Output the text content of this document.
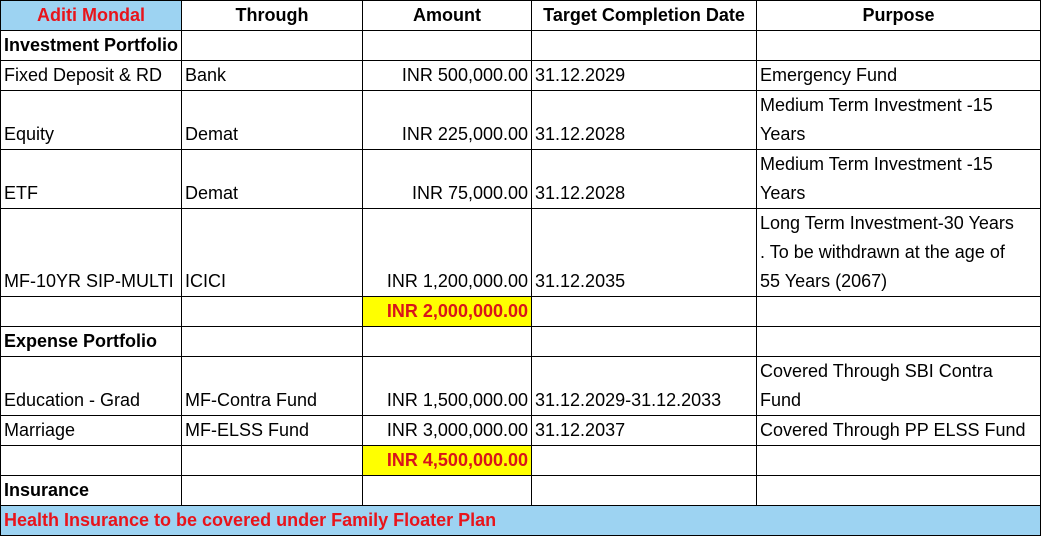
Aditi Mondal	Through	Amount	Target Completion Date	Purpose
Investment Portfolio				
Fixed Deposit & RD	Bank	INR 500,000.00	31.12.2029	Emergency Fund
Equity	Demat	INR 225,000.00	31.12.2028	Medium Term Investment -15
Years

ETF	Demat	INR 75,000.00	31.12.2028	Medium Term Investment -15
Years

MF-10YR SIP-MULTI	ICICI	INR 1,200,000.00	31.12.2035	Long Term Investment-30 Years
. To be withdrawn at the age of
55 Years (2067)

		INR 2,000,000.00		
Expense Portfolio				
Education - Grad	MF-Contra Fund	INR 1,500,000.00	31.12.2029-31.12.2033	Covered Through SBI Contra
Fund

Marriage	MF-ELSS Fund	INR 3,000,000.00	31.12.2037	Covered Through PP ELSS Fund
		INR 4,500,000.00		
Insurance				
Health Insurance to be covered under Family Floater Plan				
